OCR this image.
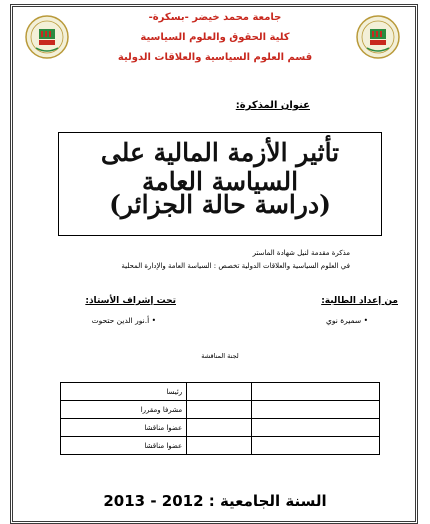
جامعة محمد خيضر -بسكرة-
كلية الحقوق والعلوم السياسية
قسم العلوم السياسية والعلاقات الدولية
عنوان المذكرة:
تأثير الأزمة المالية على السياسة العامة
(دراسة حالة الجزائر)
مذكرة مقدمة لنيل شهادة الماستر
في العلوم السياسية والعلاقات الدولية تخصص : السياسة العامة والإدارة المحلية
من إعداد الطالبة:
تحت إشراف الأستاذ:
• سميرة نوي
• أ.نور الدين حتحوت
لجنة المناقشة
		رئيسا
		مشرفا ومقررا
		عضوا مناقشا
		عضوا مناقشا
السنة الجامعية : 2012 - 2013
